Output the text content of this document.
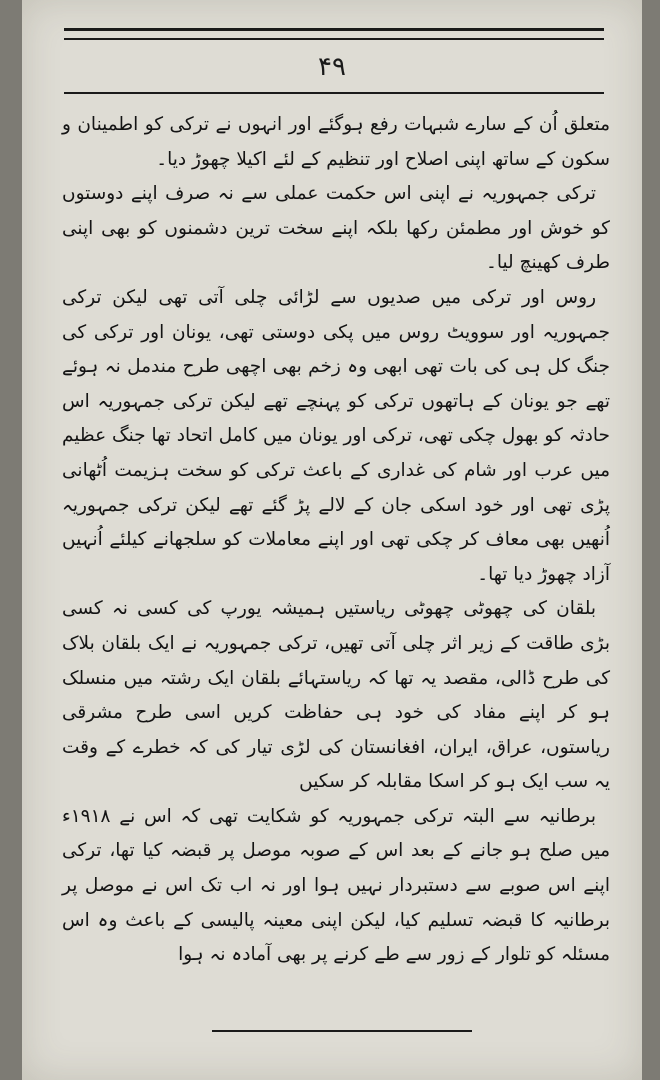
۴۹

متعلق اُن کے سارے شبہات رفع ہوگئے اور انہوں نے ترکی کو اطمینان و سکون کے ساتھ اپنی اصلاح اور تنظیم کے لئے اکیلا چھوڑ دیا۔

ترکی جمہوریہ نے اپنی اس حکمت عملی سے نہ صرف اپنے دوستوں کو خوش اور مطمئن رکھا بلکہ اپنے سخت ترین دشمنوں کو بھی اپنی طرف کھینچ لیا۔

روس اور ترکی میں صدیوں سے لڑائی چلی آتی تھی لیکن ترکی جمہوریہ اور سوویٹ روس میں پکی دوستی تھی، یونان اور ترکی کی جنگ کل ہی کی بات تھی ابھی وہ زخم بھی اچھی طرح مندمل نہ ہوئے تھے جو یونان کے ہاتھوں ترکی کو پہنچے تھے لیکن ترکی جمہوریہ اس حادثہ کو بھول چکی تھی، ترکی اور یونان میں کامل اتحاد تھا جنگ عظیم میں عرب اور شام کی غداری کے باعث ترکی کو سخت ہزیمت اُٹھانی پڑی تھی اور خود اسکی جان کے لالے پڑ گئے تھے لیکن ترکی جمہوریہ اُنھیں بھی معاف کر چکی تھی اور اپنے معاملات کو سلجھانے کیلئے اُنہیں آزاد چھوڑ دیا تھا۔

بلقان کی چھوٹی چھوٹی ریاستیں ہمیشہ یورپ کی کسی نہ کسی بڑی طاقت کے زیر اثر چلی آتی تھیں، ترکی جمہوریہ نے ایک بلقان بلاک کی طرح ڈالی، مقصد یہ تھا کہ ریاستہائے بلقان ایک رشتہ میں منسلک ہو کر اپنے مفاد کی خود ہی حفاظت کریں اسی طرح مشرقی ریاستوں، عراق، ایران، افغانستان کی لڑی تیار کی کہ خطرے کے وقت یہ سب ایک ہو کر اسکا مقابلہ کر سکیں

برطانیہ سے البتہ ترکی جمہوریہ کو شکایت تھی کہ اس نے ۱۹۱۸ء میں صلح ہو جانے کے بعد اس کے صوبہ موصل پر قبضہ کیا تھا، ترکی اپنے اس صوبے سے دستبردار نہیں ہوا اور نہ اب تک اس نے موصل پر برطانیہ کا قبضہ تسلیم کیا، لیکن اپنی معینہ پالیسی کے باعث وہ اس مسئلہ کو تلوار کے زور سے طے کرنے پر بھی آمادہ نہ ہوا
